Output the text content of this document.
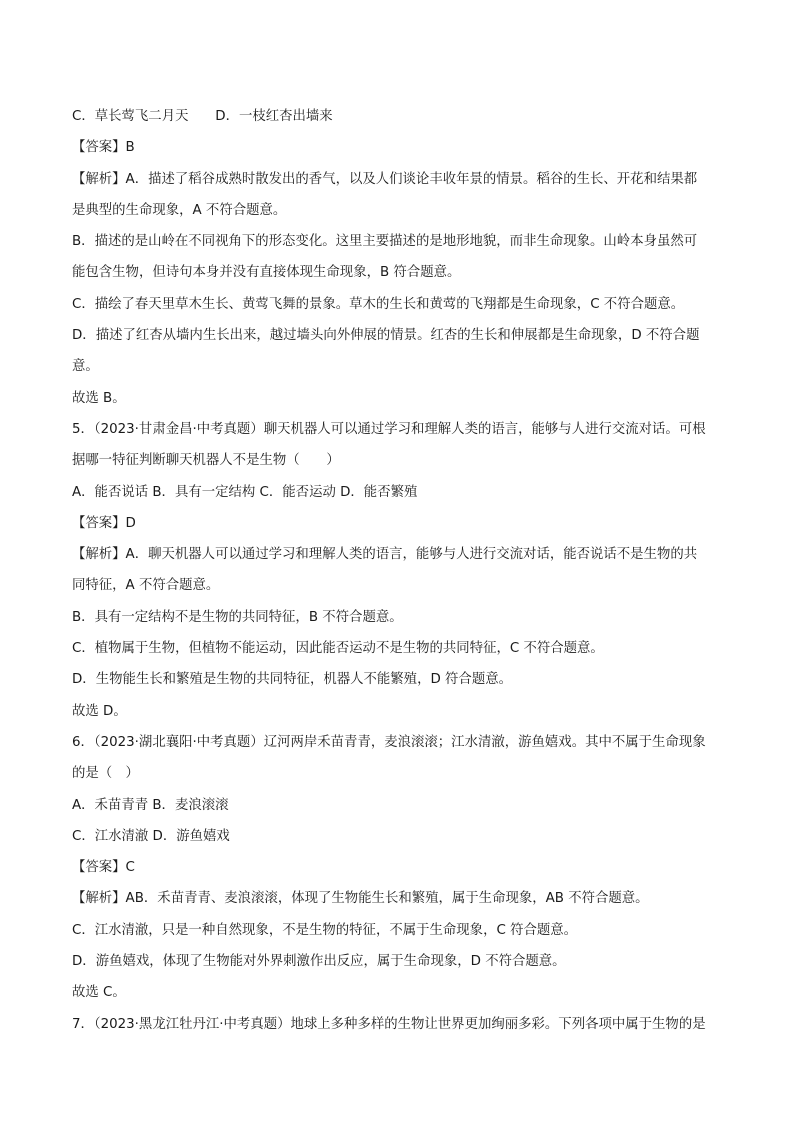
C．草长莺飞二月天　　D．一枝红杏出墙来
【答案】B
【解析】A．描述了稻谷成熟时散发出的香气，以及人们谈论丰收年景的情景。稻谷的生长、开花和结果都
是典型的生命现象，A 不符合题意。
B．描述的是山岭在不同视角下的形态变化。这里主要描述的是地形地貌，而非生命现象。山岭本身虽然可
能包含生物，但诗句本身并没有直接体现生命现象，B 符合题意。
C．描绘了春天里草木生长、黄莺飞舞的景象。草木的生长和黄莺的飞翔都是生命现象，C 不符合题意。
D．描述了红杏从墙内生长出来，越过墙头向外伸展的情景。红杏的生长和伸展都是生命现象，D 不符合题
意。
故选 B。
5．（2023·甘肃金昌·中考真题）聊天机器人可以通过学习和理解人类的语言，能够与人进行交流对话。可根
据哪一特征判断聊天机器人不是生物（　　）
A．能否说话 B．具有一定结构 C．能否运动 D．能否繁殖
【答案】D
【解析】A．聊天机器人可以通过学习和理解人类的语言，能够与人进行交流对话，能否说话不是生物的共
同特征，A 不符合题意。
B．具有一定结构不是生物的共同特征，B 不符合题意。
C．植物属于生物，但植物不能运动，因此能否运动不是生物的共同特征，C 不符合题意。
D．生物能生长和繁殖是生物的共同特征，机器人不能繁殖，D 符合题意。
故选 D。
6．（2023·湖北襄阳·中考真题）辽河两岸禾苗青青，麦浪滚滚；江水清澈，游鱼嬉戏。其中不属于生命现象
的是（　）
A．禾苗青青 B．麦浪滚滚
C．江水清澈 D．游鱼嬉戏
【答案】C
【解析】AB．禾苗青青、麦浪滚滚，体现了生物能生长和繁殖，属于生命现象，AB 不符合题意。
C．江水清澈，只是一种自然现象，不是生物的特征，不属于生命现象，C 符合题意。
D．游鱼嬉戏，体现了生物能对外界刺激作出反应，属于生命现象，D 不符合题意。
故选 C。
7．（2023·黑龙江牡丹江·中考真题）地球上多种多样的生物让世界更加绚丽多彩。下列各项中属于生物的是
